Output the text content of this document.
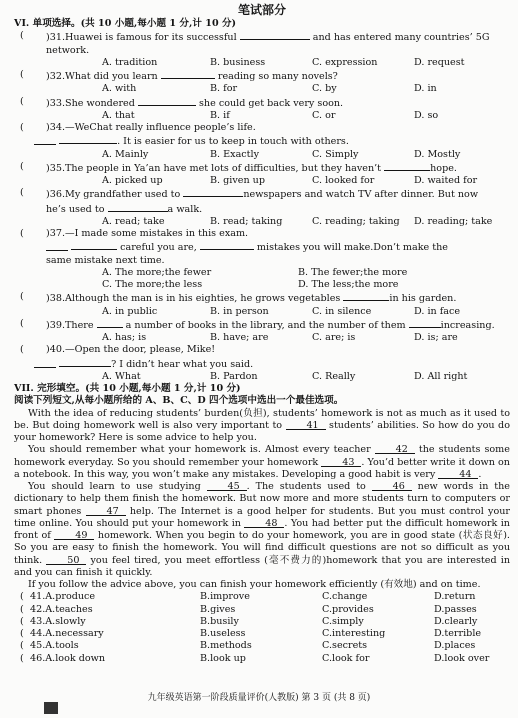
笔试部分
VI. 单项选择。(共 10 小题,每小题 1 分,计 10 分)
( )31.Huawei is famous for its successful	and has entered many countries’ 5G
network.
A. tradition	B. business	C. expression	D. request
( )32.What did you learn	reading so many novels?
A. with	B. for	C. by	D. in
( )33.She wondered	she could get back very soon.
A. that	B. if	C. or	D. so
( )34.—WeChat really influence people’s life.
. It is easier for us to keep in touch with others.
A. Mainly	B. Exactly	C. Simply	D. Mostly
( )35.The people in Ya’an have met lots of difficulties, but they haven’t	hope.
A. picked up	B. given up	C. looked for	D. waited for
( )36.My grandfather used to	newspapers and watch TV after dinner. But now
he’s used to	a walk.
A. read; take	B. read; taking	C. reading; taking D. reading; take
( )37.—I made some mistakes in this exam.
careful you are,	mistakes you will make.Don’t make the
same mistake next time.
A. The more;the fewer	B. The fewer;the more
C. The more;the less	D. The less;the more
( )38.Although the man is in his eighties, he grows vegetables	in his garden.
A. in public	B. in person	C. in silence	D. in face
( )39.There	a number of books in the library, and the number of them	increasing.
A. has; is	B. have; are	C. are; is	D. is; are
( )40.—Open the door, please, Mike!
? I didn’t hear what you said.
A. What	B. Pardon	C. Really	D. All right
VII. 完形填空。(共 10 小题,每小题 1 分,计 10 分)
阅读下列短文,从每小题所给的 A、B、C、D 四个选项中选出一个最佳选项。
With the idea of reducing students’ burden(负担), students’ homework is not as much as it used to be. But doing homework well is also very important to	41 students’ abilities. So how do you do your homework? Here is some advice to help you.
You should remember what your homework is. Almost every teacher	42 the students some homework everyday. So you should remember your homework	43 . You’d better write it down on a notebook. In this way, you won’t make any mistakes. Developing a good habit is very 44 .
You should learn to use studying	45 . The students used to	46 new words in the dictionary to help them finish the homework. But now more and more students turn to computers or smart phones	47 help. The Internet is a good helper for students. But you must control your time online. You should put your homework in	48 . You had better put the difficult homework in front of	49 homework. When you begin to do your homework, you are in good state (状态良好). So you are easy to finish the homework. You will find difficult questions are not so difficult as you think.	50 you feel tired, you meet effortless (毫不费力的)homework that you are interested in and you can finish it quickly.
If you follow the advice above, you can finish your homework efficiently (有效地) and on time.
( 41.A.produce	B.improve	C.change	D.return
( 42.A.teaches	B.gives	C.provides	D.passes
( 43.A.slowly	B.busily	C.simply	D.clearly
( 44.A.necessary	B.useless	C.interesting	D.terrible
( 45.A.tools	B.methods	C.secrets	D.places
( 46.A.look down	B.look up	C.look for	D.look over
九年级英语第一阶段质量评价(人教版) 第 3 页 (共 8 页)
